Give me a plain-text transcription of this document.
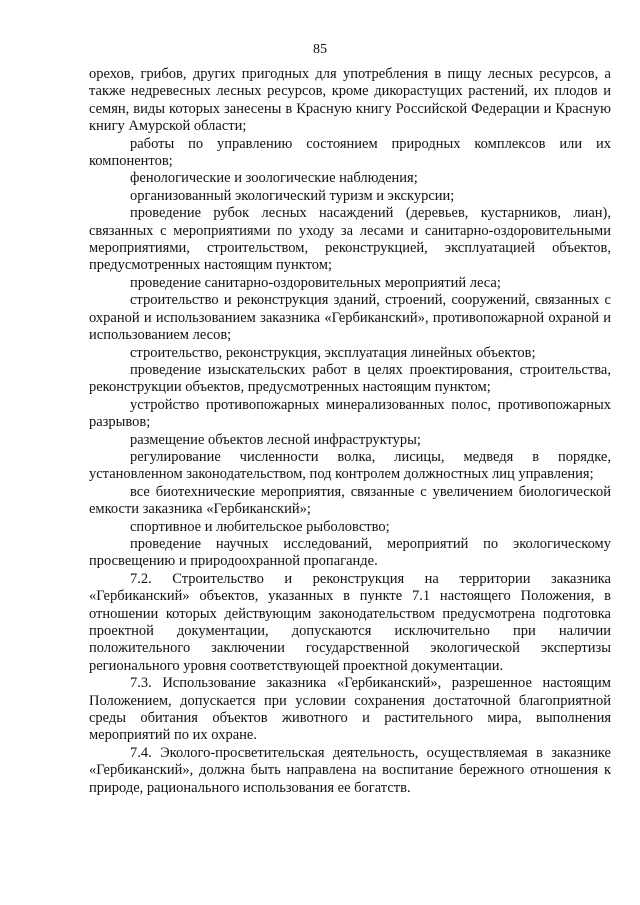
85

орехов, грибов, других пригодных для употребления в пищу лесных ресурсов, а также недревесных лесных ресурсов, кроме дикорастущих растений, их плодов и семян, виды которых занесены в Красную книгу Российской Федерации и Красную книгу Амурской области;

работы по управлению состоянием природных комплексов или их компонентов;

фенологические и зоологические наблюдения;

организованный экологический туризм и экскурсии;

проведение рубок лесных насаждений (деревьев, кустарников, лиан), связанных с мероприятиями по уходу за лесами и санитарно-оздоровительными мероприятиями, строительством, реконструкцией, эксплуатацией объектов, предусмотренных настоящим пунктом;

проведение санитарно-оздоровительных мероприятий леса;

строительство и реконструкция зданий, строений, сооружений, связанных с охраной и использованием заказника «Гербиканский», противопожарной охраной и использованием лесов;

строительство, реконструкция, эксплуатация линейных объектов;

проведение изыскательских работ в целях проектирования, строительства, реконструкции объектов, предусмотренных настоящим пунктом;

устройство противопожарных минерализованных полос, противопожарных разрывов;

размещение объектов лесной инфраструктуры;

регулирование численности волка, лисицы, медведя в порядке, установленном законодательством, под контролем должностных лиц управления;

все биотехнические мероприятия, связанные с увеличением биологической емкости заказника «Гербиканский»;

спортивное и любительское рыболовство;

проведение научных исследований, мероприятий по экологическому просвещению и природоохранной пропаганде.

7.2. Строительство и реконструкция на территории заказника «Гербиканский» объектов, указанных в пункте 7.1 настоящего Положения, в отношении которых действующим законодательством предусмотрена подготовка проектной документации, допускаются исключительно при наличии положительного заключении государственной экологической экспертизы регионального уровня соответствующей проектной документации.

7.3. Использование заказника «Гербиканский», разрешенное настоящим Положением, допускается при условии сохранения достаточной благоприятной среды обитания объектов животного и растительного мира, выполнения мероприятий по их охране.

7.4. Эколого-просветительская деятельность, осуществляемая в заказнике «Гербиканский», должна быть направлена на воспитание бережного отношения к природе, рационального использования ее богатств.
